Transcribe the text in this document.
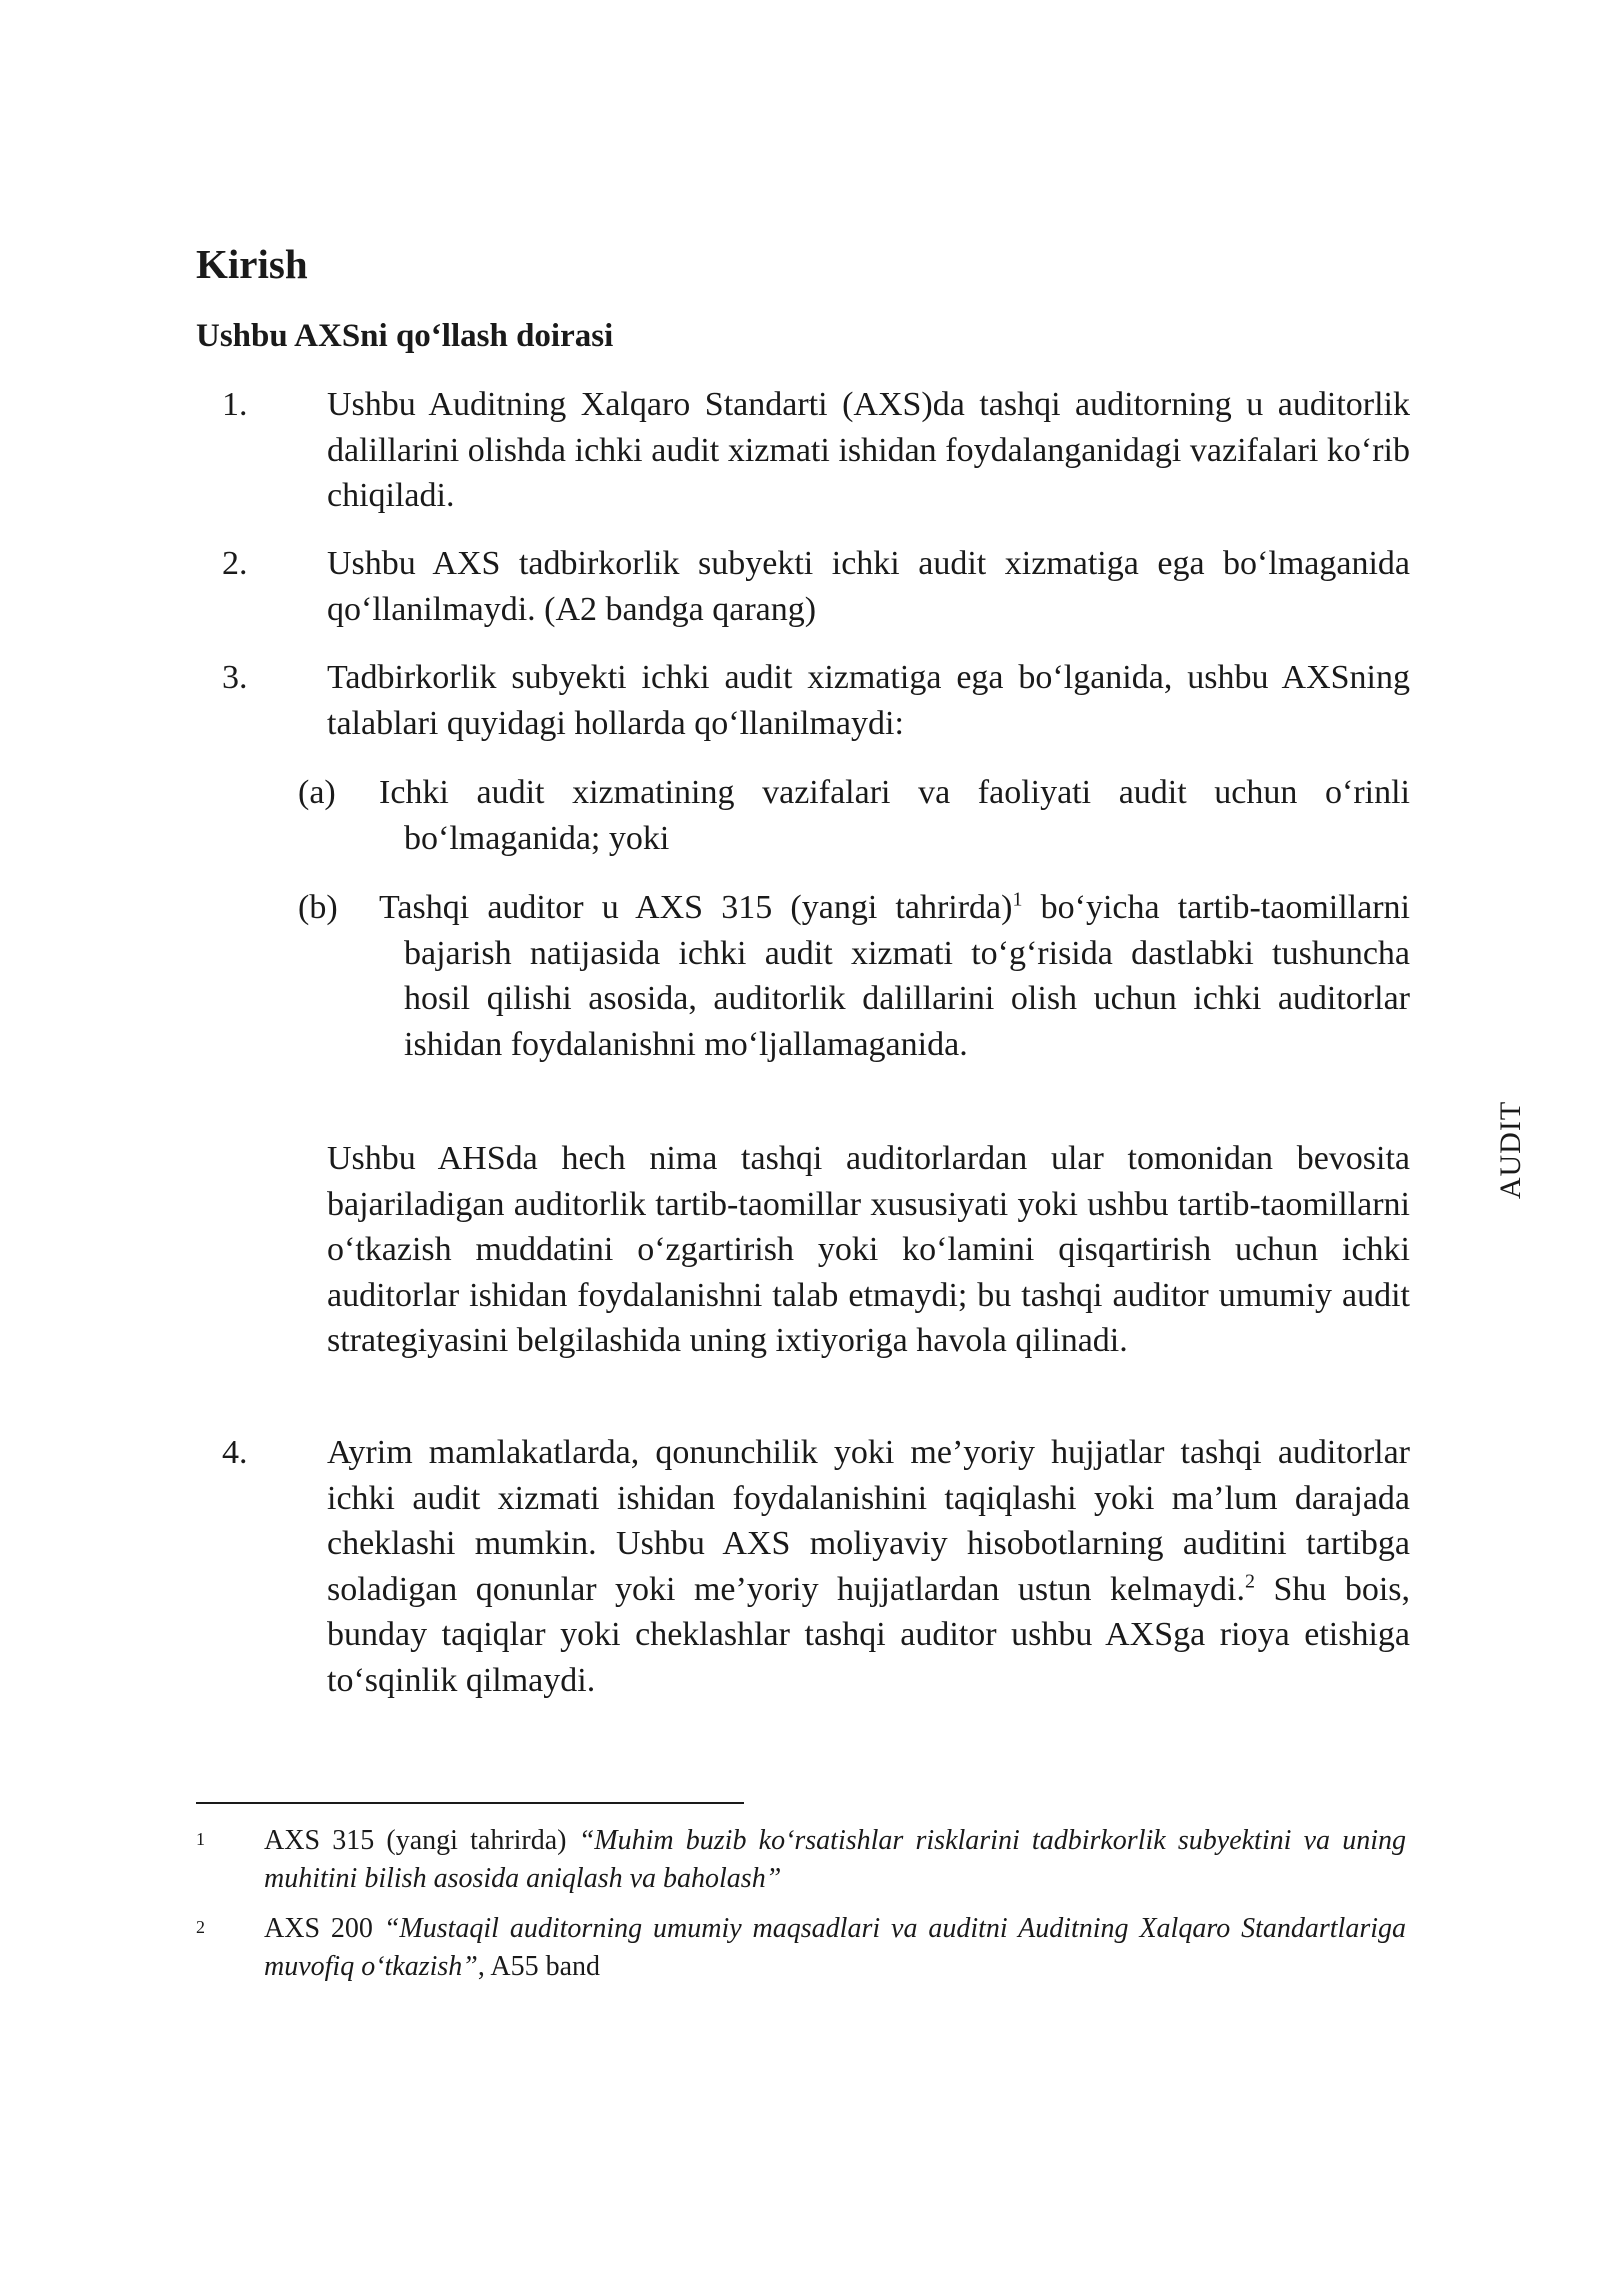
Kirish
Ushbu AXSni qo‘llash doirasi
1.	Ushbu Auditning Xalqaro Standarti (AXS)da tashqi auditorning u auditorlik dalillarini olishda ichki audit xizmati ishidan foydalanganidagi vazifalari ko‘rib chiqiladi.
2.	Ushbu AXS tadbirkorlik subyekti ichki audit xizmatiga ega bo‘lmaganida qo‘llanilmaydi. (A2 bandga qarang)
3.	Tadbirkorlik subyekti ichki audit xizmatiga ega bo‘lganida, ushbu AXSning talablari quyidagi hollarda qo‘llanilmaydi:
(a) Ichki audit xizmatining vazifalari va faoliyati audit uchun o‘rinli bo‘lmaganida; yoki
(b) Tashqi auditor u AXS 315 (yangi tahrirda)$^1$ bo‘yicha tartib-taomillarni bajarish natijasida ichki audit xizmati to‘g‘risida dastlabki tushuncha hosil qilishi asosida, auditorlik dalillarini olish uchun ichki auditorlar ishidan foydalanishni mo‘ljallamaganida.
Ushbu AHSda hech nima tashqi auditorlardan ular tomonidan bevosita bajariladigan auditorlik tartib-taomillar xususiyati yoki ushbu tartib-taomillarni o‘tkazish muddatini o‘zgartirish yoki ko‘lamini qisqartirish uchun ichki auditorlar ishidan foydalanishni talab etmaydi; bu tashqi auditor umumiy audit strategiyasini belgilashida uning ixtiyoriga havola qilinadi.
4.	Ayrim mamlakatlarda, qonunchilik yoki me’yoriy hujjatlar tashqi auditorlar ichki audit xizmati ishidan foydalanishini taqiqlashi yoki ma’lum darajada cheklashi mumkin. Ushbu AXS moliyaviy hisobotlarning auditini tartibga soladigan qonunlar yoki me’yoriy hujjatlardan ustun kelmaydi.$^2$ Shu bois, bunday taqiqlar yoki cheklashlar tashqi auditor ushbu AXSga rioya etishiga to‘sqinlik qilmaydi.
AUDIT
1 AXS 315 (yangi tahrirda) “Muhim buzib ko‘rsatishlar risklarini tadbirkorlik subyektini va uning muhitini bilish asosida aniqlash va baholash”
2 AXS 200 “Mustaqil auditorning umumiy maqsadlari va auditni Auditning Xalqaro Standartlariga muvofiq o‘tkazish”, A55 band
